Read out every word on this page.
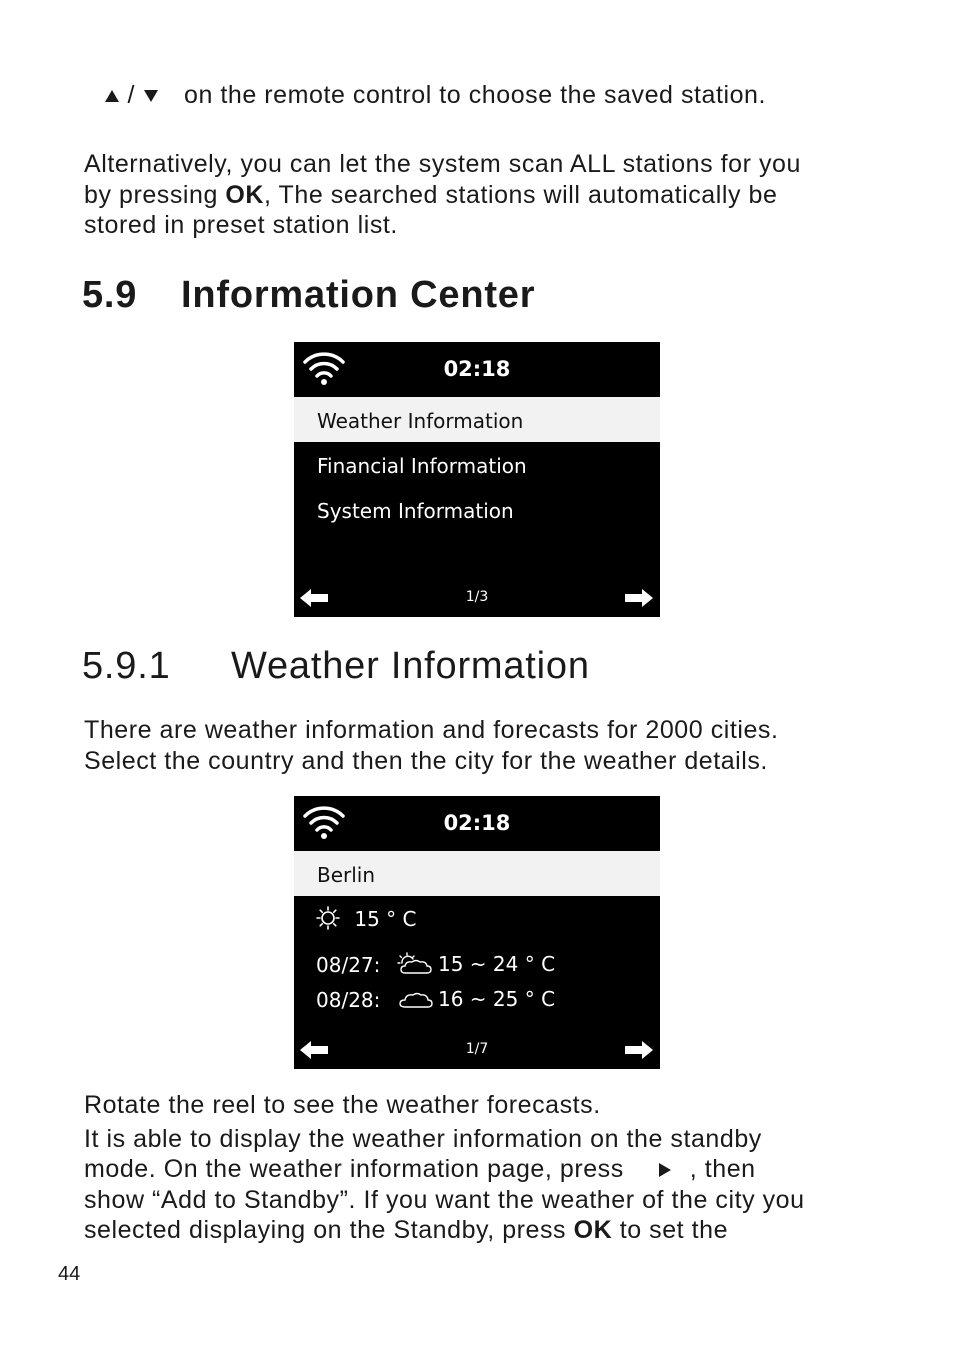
/ on the remote control to choose the saved station.
Alternatively, you can let the system scan ALL stations for you
by pressing OK, The searched stations will automatically be
stored in preset station list.
5.9 Information Center
02:18
Weather Information
Financial Information
System Information
1/3
5.9.1 Weather Information
There are weather information and forecasts for 2000 cities.
Select the country and then the city for the weather details.
02:18
Berlin
15 ° C
08/27:	15 ~ 24 ° C
08/28:	16 ~ 25 ° C
1/7
Rotate the reel to see the weather forecasts.
It is able to display the weather information on the standby
mode. On the weather information page, press	, then
show “Add to Standby”. If you want the weather of the city you
selected displaying on the Standby, press OK to set the
44
